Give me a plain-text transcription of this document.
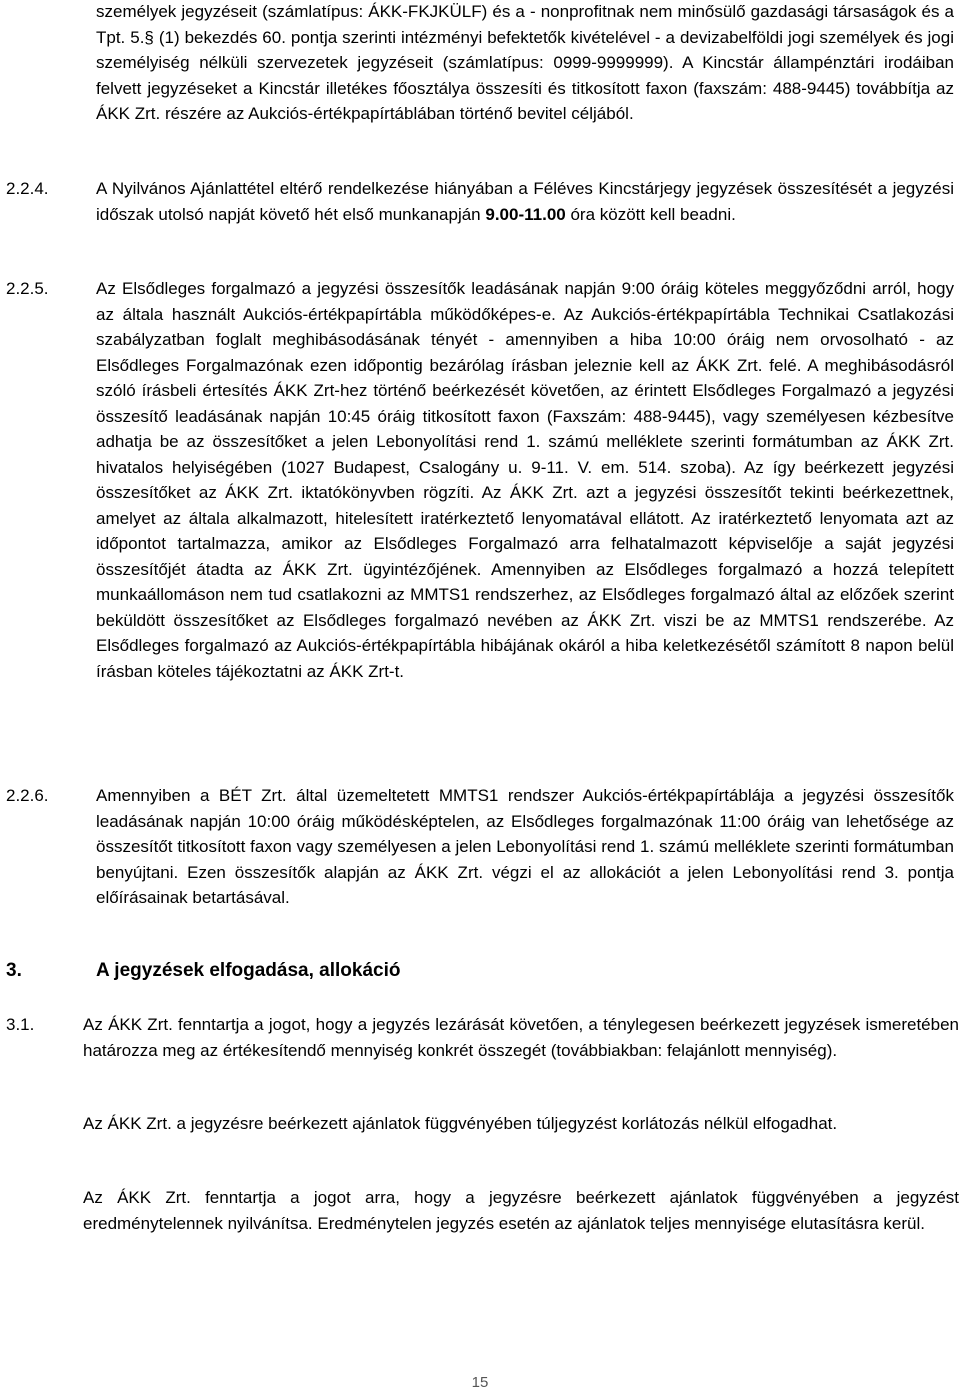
személyek jegyzéseit (számlatípus: ÁKK-FKJKÜLF) és a - nonprofitnak nem minősülő gazdasági társaságok és a Tpt. 5.§ (1) bekezdés 60. pontja szerinti intézményi befektetők kivételével - a devizabelföldi jogi személyek és jogi személyiség nélküli szervezetek jegyzéseit (számlatípus: 0999-9999999). A Kincstár állampénztári irodáiban felvett jegyzéseket a Kincstár illetékes főosztálya összesíti és titkosított faxon (faxszám: 488-9445) továbbítja az ÁKK Zrt. részére az Aukciós-értékpapírtáblában történő bevitel céljából.

2.2.4.	A Nyilvános Ajánlattétel eltérő rendelkezése hiányában a Féléves Kincstárjegy jegyzések összesítését a jegyzési időszak utolsó napját követő hét első munkanapján 9.00-11.00 óra között kell beadni.

2.2.5.	Az Elsődleges forgalmazó a jegyzési összesítők leadásának napján 9:00 óráig köteles meggyőződni arról, hogy az általa használt Aukciós-értékpapírtábla működőképes-e. Az Aukciós-értékpapírtábla Technikai Csatlakozási szabályzatban foglalt meghibásodásának tényét - amennyiben a hiba 10:00 óráig nem orvosolható - az Elsődleges Forgalmazónak ezen időpontig bezárólag írásban jeleznie kell az ÁKK Zrt. felé. A meghibásodásról szóló írásbeli értesítés ÁKK Zrt-hez történő beérkezését követően, az érintett Elsődleges Forgalmazó a jegyzési összesítő leadásának napján 10:45 óráig titkosított faxon (Faxszám: 488-9445), vagy személyesen kézbesítve adhatja be az összesítőket a jelen Lebonyolítási rend 1. számú melléklete szerinti formátumban az ÁKK Zrt. hivatalos helyiségében (1027 Budapest, Csalogány u. 9-11. V. em. 514. szoba). Az így beérkezett jegyzési összesítőket az ÁKK Zrt. iktatókönyvben rögzíti. Az ÁKK Zrt. azt a jegyzési összesítőt tekinti beérkezettnek, amelyet az általa alkalmazott, hitelesített iratérkeztető lenyomatával ellátott. Az iratérkeztető lenyomata azt az időpontot tartalmazza, amikor az Elsődleges Forgalmazó arra felhatalmazott képviselője a saját jegyzési összesítőjét átadta az ÁKK Zrt. ügyintézőjének. Amennyiben az Elsődleges forgalmazó a hozzá telepített munkaállomáson nem tud csatlakozni az MMTS1 rendszerhez, az Elsődleges forgalmazó által az előzőek szerint beküldött összesítőket az Elsődleges forgalmazó nevében az ÁKK Zrt. viszi be az MMTS1 rendszerébe. Az Elsődleges forgalmazó az Aukciós-értékpapírtábla hibájának okáról a hiba keletkezésétől számított 8 napon belül írásban köteles tájékoztatni az ÁKK Zrt-t.

2.2.6.	Amennyiben a BÉT Zrt. által üzemeltetett MMTS1 rendszer Aukciós-értékpapírtáblája a jegyzési összesítők leadásának napján 10:00 óráig működésképtelen, az Elsődleges forgalmazónak 11:00 óráig van lehetősége az összesítőt titkosított faxon vagy személyesen a jelen Lebonyolítási rend 1. számú melléklete szerinti formátumban benyújtani. Ezen összesítők alapján az ÁKK Zrt. végzi el az allokációt a jelen Lebonyolítási rend 3. pontja előírásainak betartásával.

3.	A jegyzések elfogadása, allokáció

3.1.	Az ÁKK Zrt. fenntartja a jogot, hogy a jegyzés lezárását követően, a ténylegesen beérkezett jegyzések ismeretében határozza meg az értékesítendő mennyiség konkrét összegét (továbbiakban: felajánlott mennyiség).

Az ÁKK Zrt. a jegyzésre beérkezett ajánlatok függvényében túljegyzést korlátozás nélkül elfogadhat.

Az ÁKK Zrt. fenntartja a jogot arra, hogy a jegyzésre beérkezett ajánlatok függvényében a jegyzést eredménytelennek nyilvánítsa. Eredménytelen jegyzés esetén az ajánlatok teljes mennyisége elutasításra kerül.

15
